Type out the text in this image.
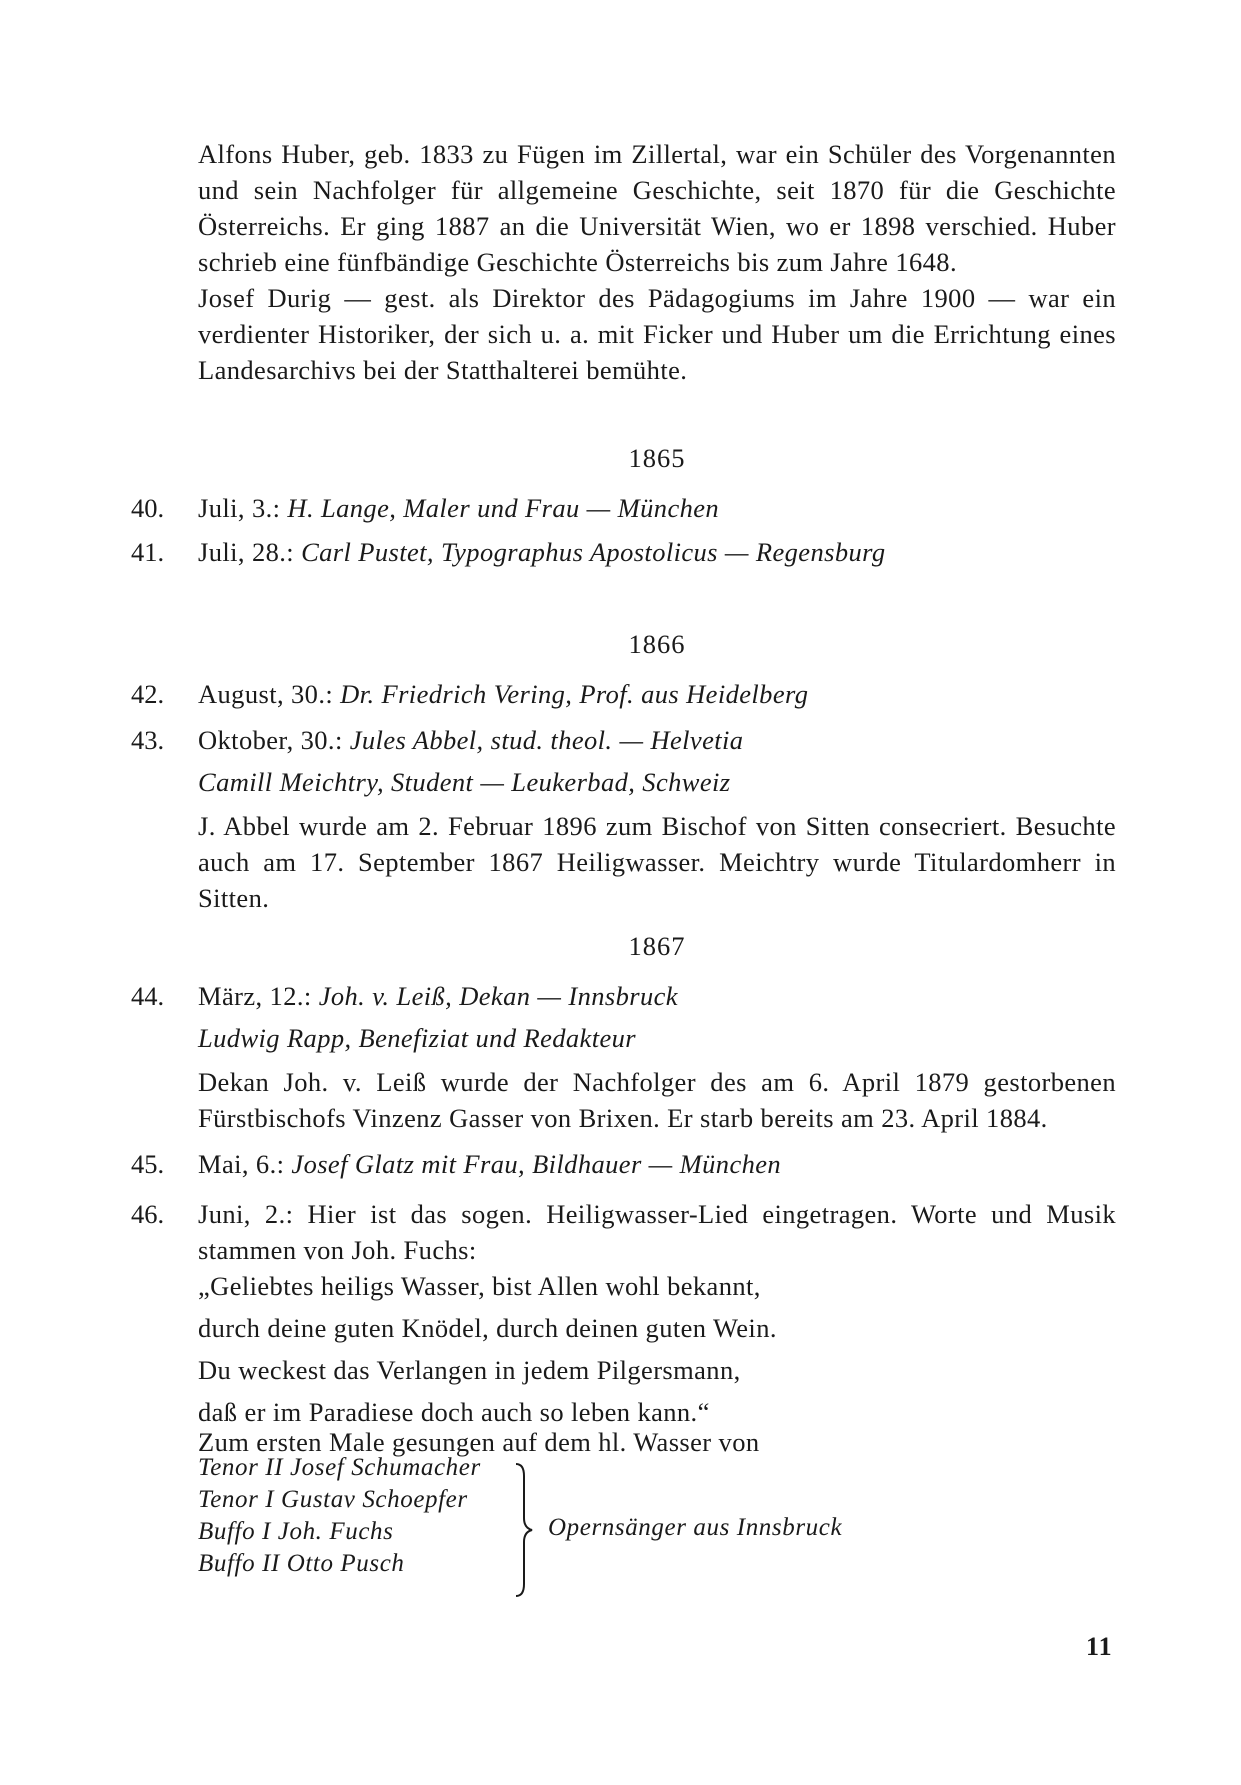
Alfons Huber, geb. 1833 zu Fügen im Zillertal, war ein Schüler des Vorgenannten und sein Nachfolger für allgemeine Geschichte, seit 1870 für die Geschichte Österreichs. Er ging 1887 an die Universität Wien, wo er 1898 verschied. Huber schrieb eine fünfbändige Geschichte Österreichs bis zum Jahre 1648.

Josef Durig — gest. als Direktor des Pädagogiums im Jahre 1900 — war ein verdienter Historiker, der sich u. a. mit Ficker und Huber um die Errichtung eines Landesarchivs bei der Statthalterei bemühte.

1865

40. Juli, 3.: H. Lange, Maler und Frau — München

41. Juli, 28.: Carl Pustet, Typographus Apostolicus — Regensburg

1866

42. August, 30.: Dr. Friedrich Vering, Prof. aus Heidelberg

43. Oktober, 30.: Jules Abbel, stud. theol. — Helvetia

Camill Meichtry, Student — Leukerbad, Schweiz

J. Abbel wurde am 2. Februar 1896 zum Bischof von Sitten consecriert. Besuchte auch am 17. September 1867 Heiligwasser. Meichtry wurde Titulardomherr in Sitten.

1867

44. März, 12.: Joh. v. Leiß, Dekan — Innsbruck

Ludwig Rapp, Benefiziat und Redakteur

Dekan Joh. v. Leiß wurde der Nachfolger des am 6. April 1879 gestorbenen Fürstbischofs Vinzenz Gasser von Brixen. Er starb bereits am 23. April 1884.

45. Mai, 6.: Josef Glatz mit Frau, Bildhauer — München

46. Juni, 2.: Hier ist das sogen. Heiligwasser-Lied eingetragen. Worte und Musik stammen von Joh. Fuchs:

„Geliebtes heiligs Wasser, bist Allen wohl bekannt,

durch deine guten Knödel, durch deinen guten Wein.

Du weckest das Verlangen in jedem Pilgersmann,

daß er im Paradiese doch auch so leben kann.“

Zum ersten Male gesungen auf dem hl. Wasser von

Tenor II Josef Schumacher

Tenor I Gustav Schoepfer

Buffo I Joh. Fuchs

Buffo II Otto Pusch

Opernsänger aus Innsbruck
11
